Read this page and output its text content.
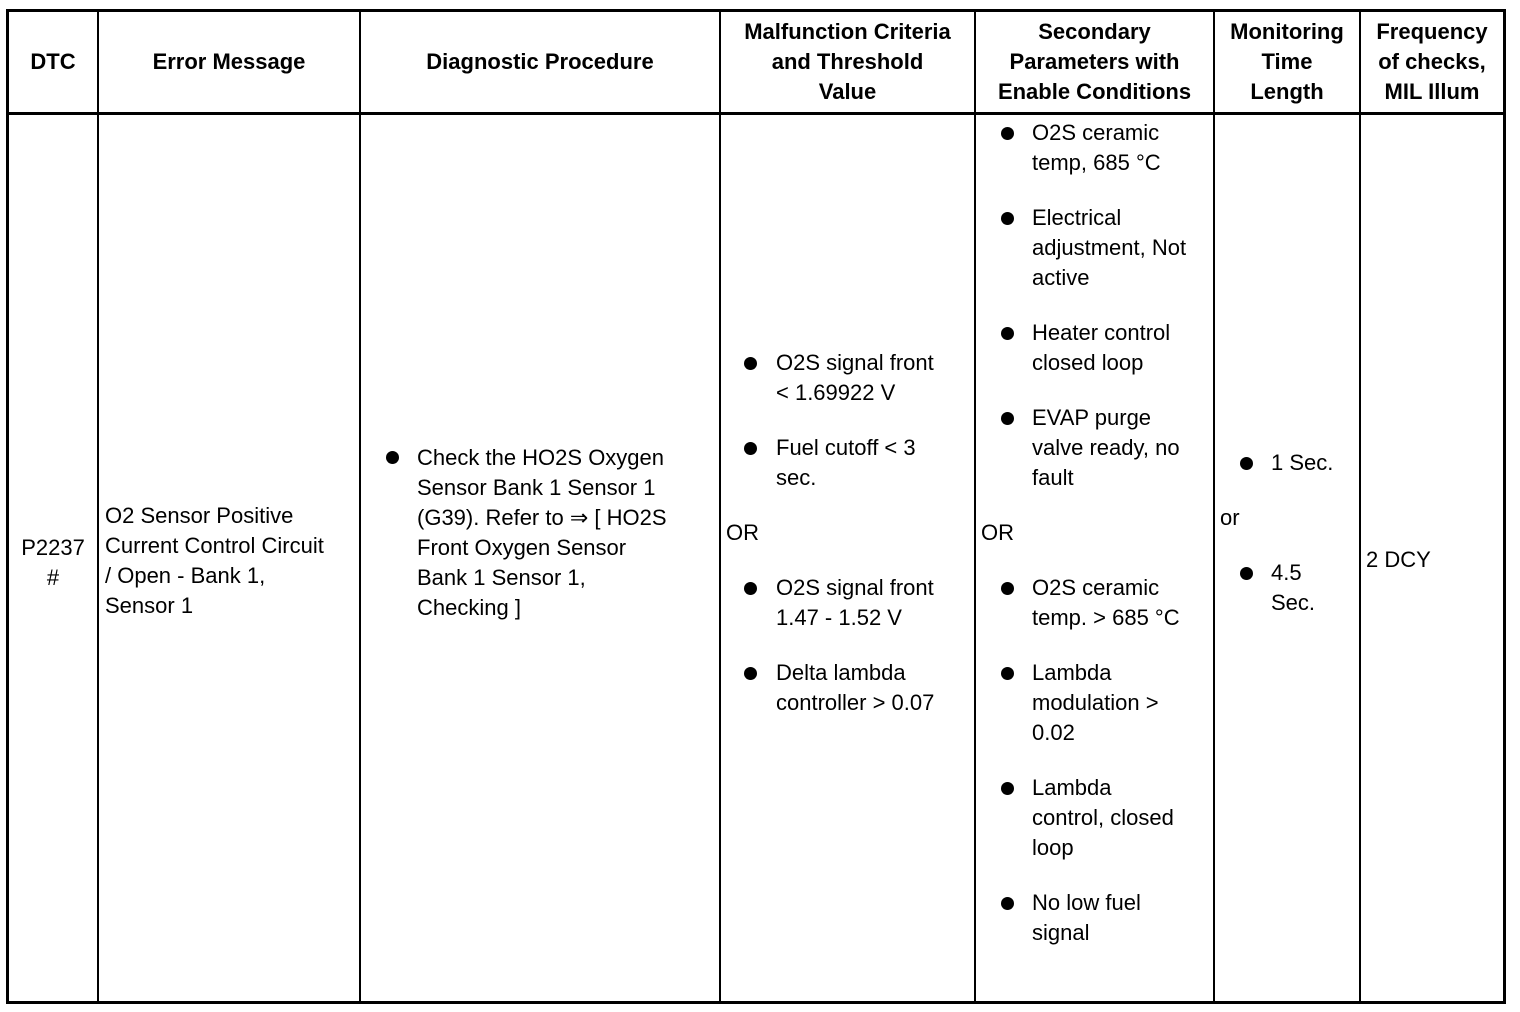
DTC	Error Message	Diagnostic Procedure
Malfunction Criteria
and Threshold
Value
Secondary
Parameters with
Enable Conditions
Monitoring
Time
Length
Frequency
of checks,
MIL Illum
P2237
#
O2 Sensor Positive
Current Control Circuit
/ Open - Bank 1,
Sensor 1
Check the HO2S Oxygen
Sensor Bank 1 Sensor 1
(G39). Refer to ⇒ [ HO2S
Front Oxygen Sensor
Bank 1 Sensor 1,
Checking ]
O2S signal front
< 1.69922 V
Fuel cutoff < 3
sec.
OR
O2S signal front
1.47 - 1.52 V
Delta lambda
controller > 0.07
O2S ceramic
temp, 685 °C
Electrical
adjustment, Not
active
Heater control
closed loop
EVAP purge
valve ready, no
fault
OR
O2S ceramic
temp. > 685 °C
Lambda
modulation >
0.02
Lambda
control, closed
loop
No low fuel
signal
1 Sec.
or
4.5
Sec.
2 DCY
